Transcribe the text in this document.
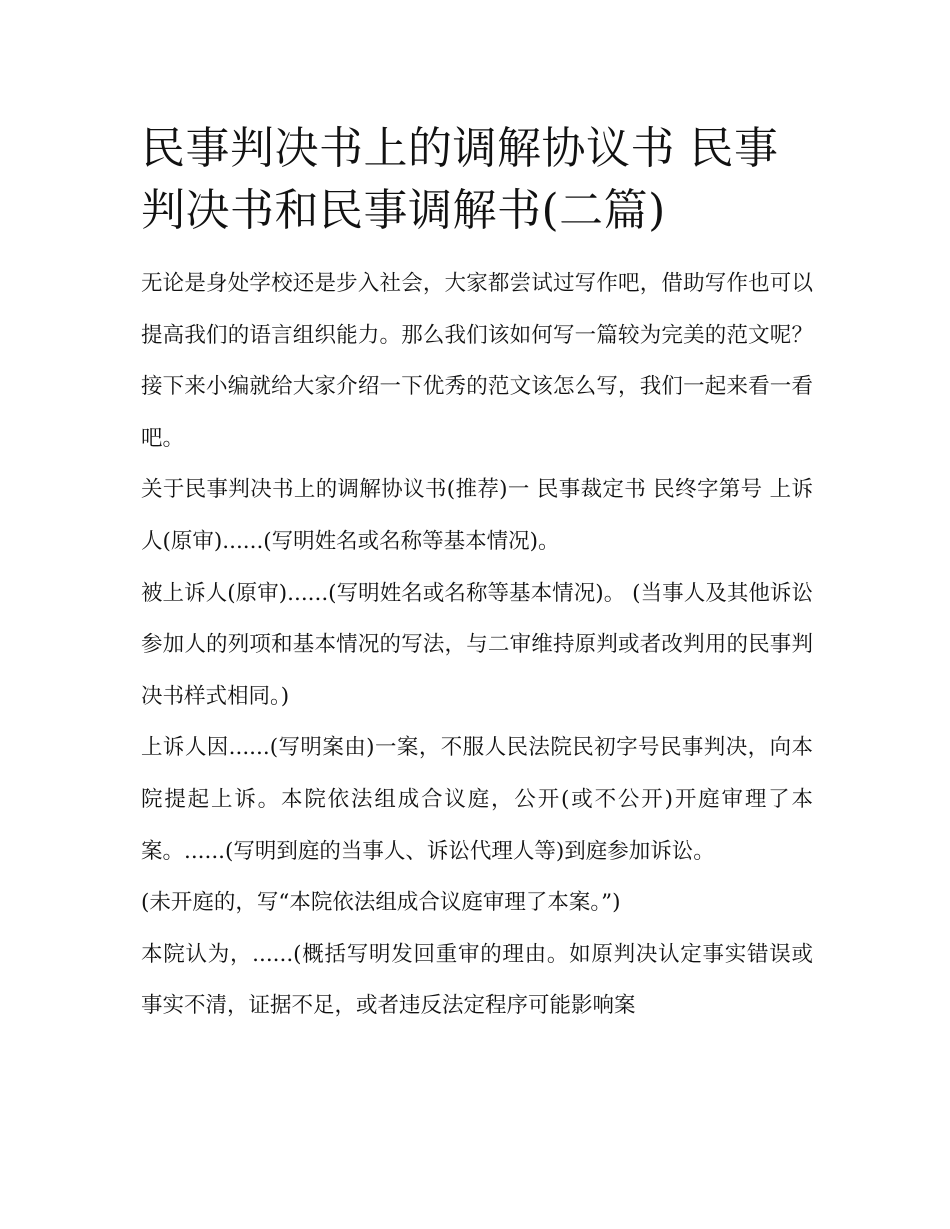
民事判决书上的调解协议书 民事判决书和民事调解书(二篇)

无论是身处学校还是步入社会，大家都尝试过写作吧，借助写作也可以提高我们的语言组织能力。那么我们该如何写一篇较为完美的范文呢？接下来小编就给大家介绍一下优秀的范文该怎么写，我们一起来看一看吧。

关于民事判决书上的调解协议书(推荐)一 民事裁定书 民终字第号 上诉人(原审)......(写明姓名或名称等基本情况)。

被上诉人(原审)......(写明姓名或名称等基本情况)。 (当事人及其他诉讼参加人的列项和基本情况的写法，与二审维持原判或者改判用的民事判决书样式相同。)

上诉人因......(写明案由)一案，不服人民法院民初字号民事判决，向本院提起上诉。本院依法组成合议庭，公开(或不公开)开庭审理了本案。......(写明到庭的当事人、诉讼代理人等)到庭参加诉讼。

(未开庭的，写“本院依法组成合议庭审理了本案。”)

本院认为，......(概括写明发回重审的理由。如原判决认定事实错误或事实不清，证据不足，或者违反法定程序可能影响案
